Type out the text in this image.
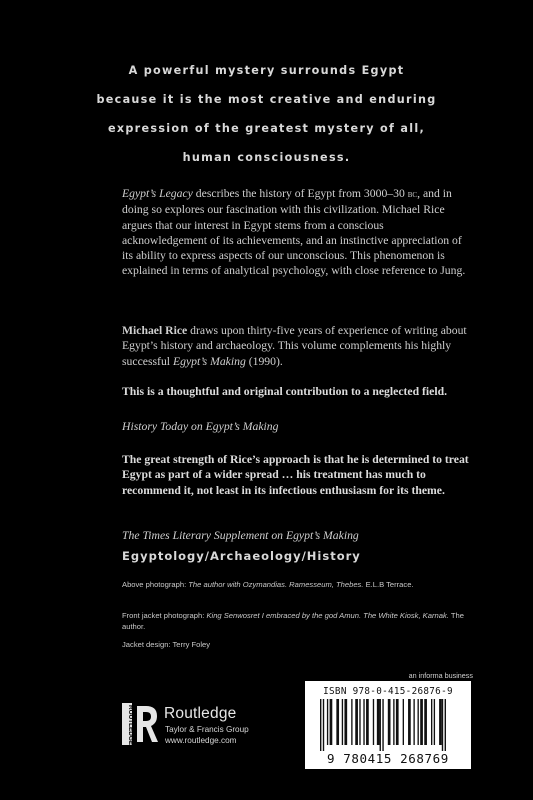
A powerful mystery surrounds Egypt
because it is the most creative and enduring
expression of the greatest mystery of all,
human consciousness.

Egypt’s Legacy describes the history of Egypt from 3000–30 bc, and in doing so explores our fascination with this civilization. Michael Rice argues that our interest in Egypt stems from a conscious acknowledgement of its achievements, and an instinctive appreciation of its ability to express aspects of our unconscious. This phenomenon is explained in terms of analytical psychology, with close reference to Jung.

Michael Rice draws upon thirty-five years of experience of writing about Egypt’s history and archaeology. This volume complements his highly successful Egypt’s Making (1990).

This is a thoughtful and original contribution to a neglected field.
History Today on Egypt’s Making
The great strength of Rice’s approach is that he is determined to treat Egypt as part of a wider spread … his treatment has much to recommend it, not least in its infectious enthusiasm for its theme.
The Times Literary Supplement on Egypt’s Making
Egyptology/Archaeology/History
Above photograph: The author with Ozymandias. Ramesseum, Thebes. E.L.B Terrace.
Front jacket photograph: King Senwosret I embraced by the god Amun. The White Kiosk, Karnak. The author.
Jacket design: Terry Foley
an informa business
ROUTLEDGE Routledge
Taylor & Francis Group
www.routledge.com
ISBN 978-0-415-26876-9
9 780415 268769
